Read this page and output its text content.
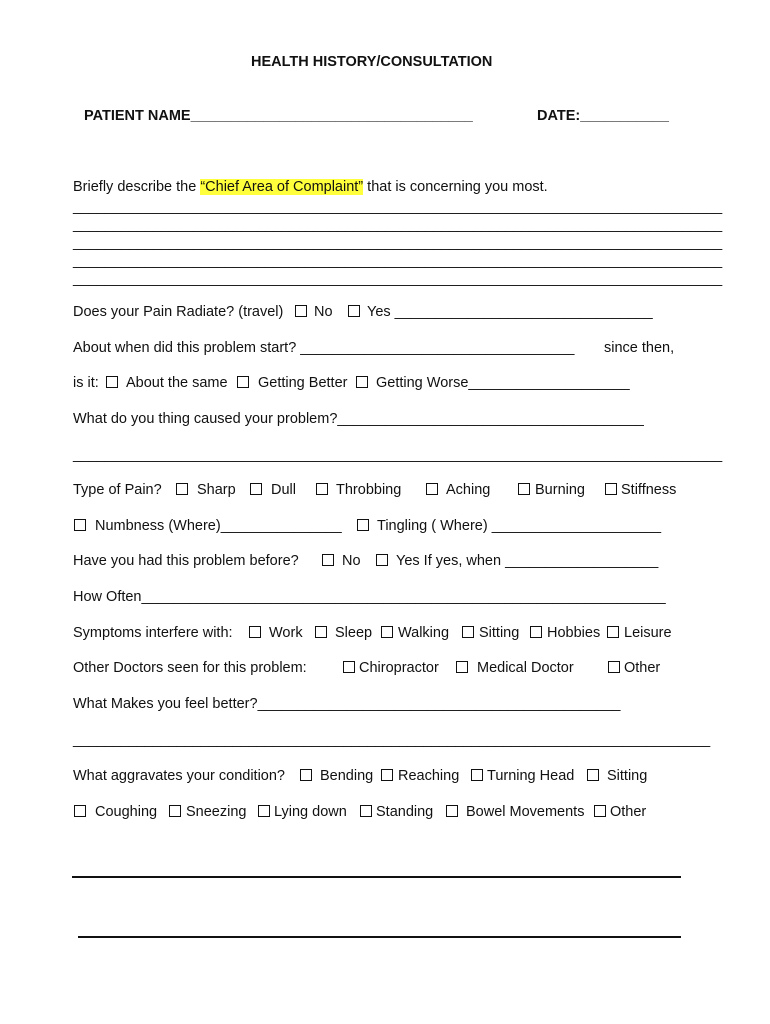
HEALTH HISTORY/CONSULTATION
PATIENT NAME___________________________________	DATE:___________
Briefly describe the “Chief Area of Complaint” that is concerning you most.
_________________________________________________________________________________
_________________________________________________________________________________
_________________________________________________________________________________
_________________________________________________________________________________
_________________________________________________________________________________
Does your Pain Radiate? (travel) No Yes ________________________________
About when did this problem start? __________________________________ since then,
is it: About the same Getting Better Getting Worse____________________
What do you thing caused your problem?______________________________________
_________________________________________________________________________________
Type of Pain? Sharp Dull	Throbbing	Aching	Burning Stiffness
Numbness (Where)_______________ Tingling ( Where) _____________________
Have you had this problem before?	No Yes If yes, when ___________________
How Often_________________________________________________________________
Symptoms interfere with:	Work Sleep Walking Sitting Hobbies Leisure
Other Doctors seen for this problem:	Chiropractor	Medical Doctor	Other
What Makes you feel better?_____________________________________________
________________________________________________________________________________
What aggravates your condition? Bending Reaching Turning Head Sitting
Coughing Sneezing Lying down Standing Bowel Movements Other
